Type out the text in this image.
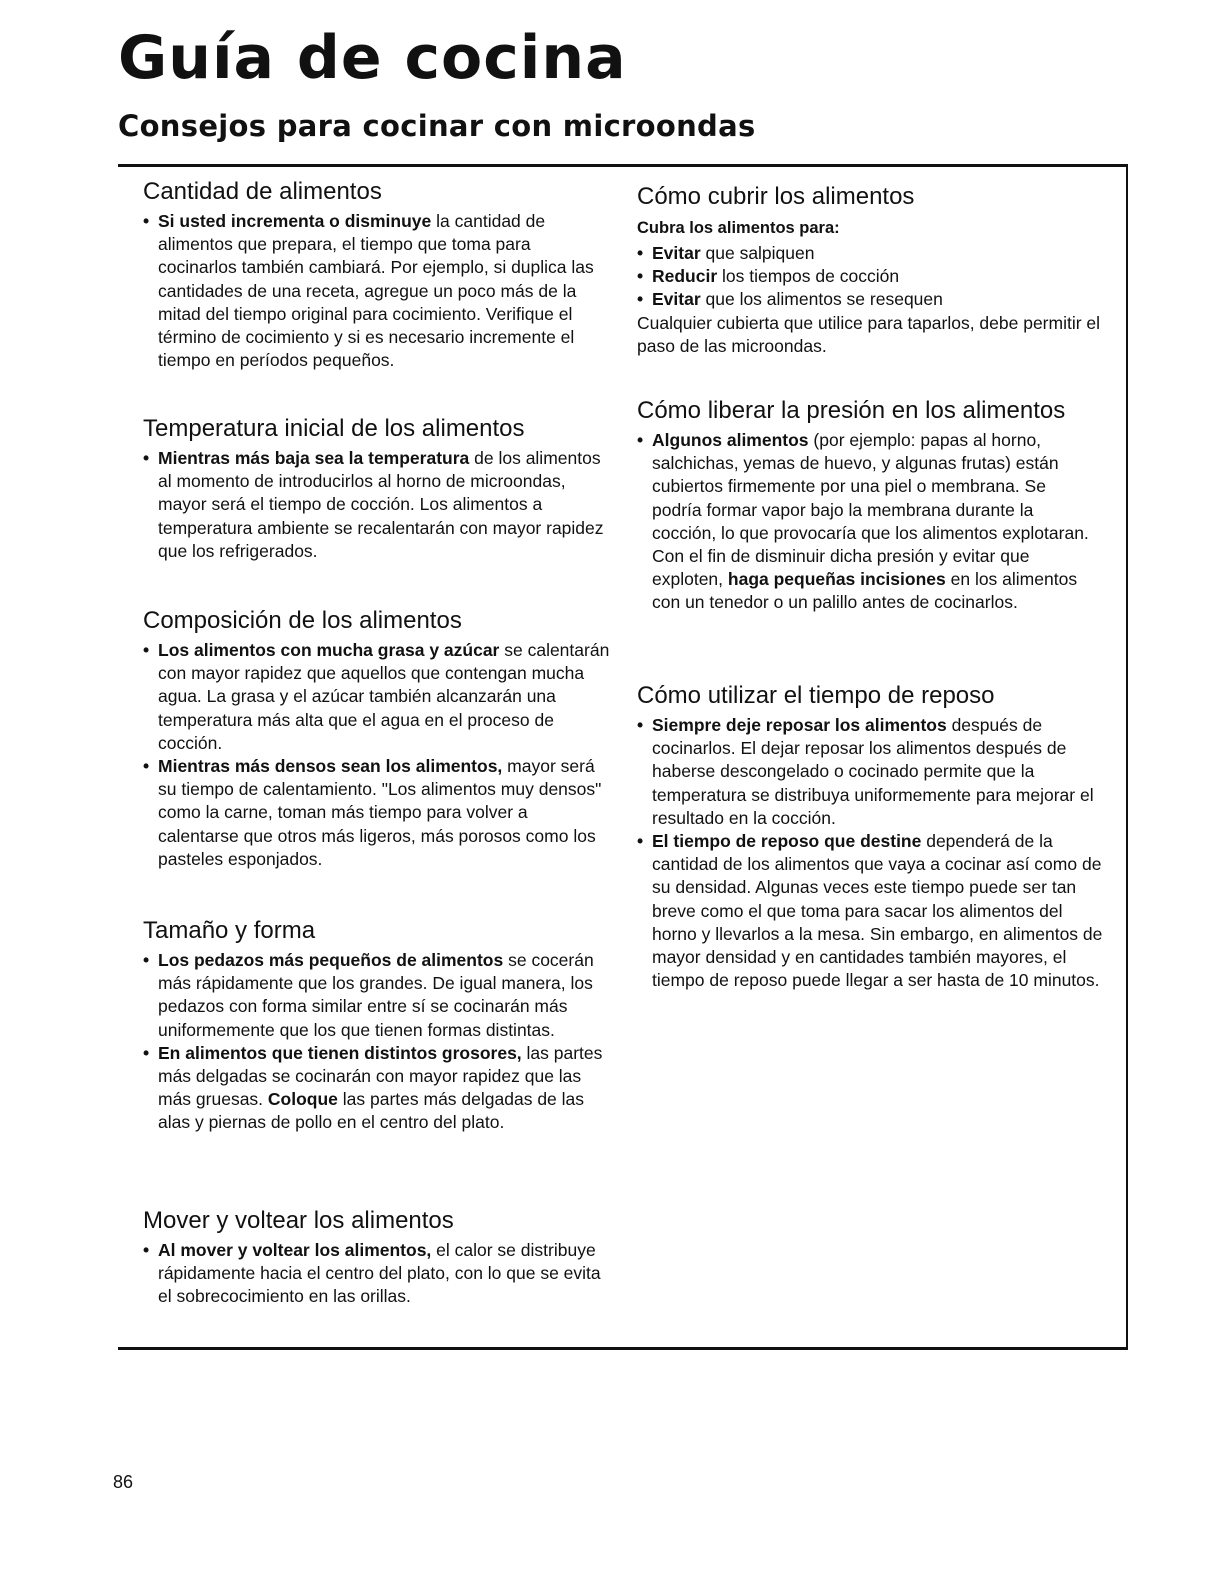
Guía de cocina
Consejos para cocinar con microondas
Cantidad de alimentos
• Si usted incrementa o disminuye la cantidad de alimentos que prepara, el tiempo que toma para cocinarlos también cambiará. Por ejemplo, si duplica las cantidades de una receta, agregue un poco más de la mitad del tiempo original para cocimiento. Verifique el término de cocimiento y si es necesario incremente el tiempo en períodos pequeños.
Temperatura inicial de los alimentos
• Mientras más baja sea la temperatura de los alimentos al momento de introducirlos al horno de microondas, mayor será el tiempo de cocción. Los alimentos a temperatura ambiente se recalentarán con mayor rapidez que los refrigerados.
Composición de los alimentos
• Los alimentos con mucha grasa y azúcar se calentarán con mayor rapidez que aquellos que contengan mucha agua. La grasa y el azúcar también alcanzarán una temperatura más alta que el agua en el proceso de cocción.
• Mientras más densos sean los alimentos, mayor será su tiempo de calentamiento. "Los alimentos muy densos" como la carne, toman más tiempo para volver a calentarse que otros más ligeros, más porosos como los pasteles esponjados.
Tamaño y forma
• Los pedazos más pequeños de alimentos se cocerán más rápidamente que los grandes. De igual manera, los pedazos con forma similar entre sí se cocinarán más uniformemente que los que tienen formas distintas.
• En alimentos que tienen distintos grosores, las partes más delgadas se cocinarán con mayor rapidez que las más gruesas. Coloque las partes más delgadas de las alas y piernas de pollo en el centro del plato.
Mover y voltear los alimentos
• Al mover y voltear los alimentos, el calor se distribuye rápidamente hacia el centro del plato, con lo que se evita el sobrecocimiento en las orillas.
Cómo cubrir los alimentos

Cubra los alimentos para:

• Evitar que salpiquen
• Reducir los tiempos de cocción
• Evitar que los alimentos se resequen

Cualquier cubierta que utilice para taparlos, debe permitir el paso de las microondas.

Cómo liberar la presión en los alimentos
• Algunos alimentos (por ejemplo: papas al horno, salchichas, yemas de huevo, y algunas frutas) están cubiertos firmemente por una piel o membrana. Se podría formar vapor bajo la membrana durante la cocción, lo que provocaría que los alimentos explotaran. Con el fin de disminuir dicha presión y evitar que exploten, haga pequeñas incisiones en los alimentos con un tenedor o un palillo antes de cocinarlos.
Cómo utilizar el tiempo de reposo
• Siempre deje reposar los alimentos después de cocinarlos. El dejar reposar los alimentos después de haberse descongelado o cocinado permite que la temperatura se distribuya uniformemente para mejorar el resultado en la cocción.
• El tiempo de reposo que destine dependerá de la cantidad de los alimentos que vaya a cocinar así como de su densidad. Algunas veces este tiempo puede ser tan breve como el que toma para sacar los alimentos del horno y llevarlos a la mesa. Sin embargo, en alimentos de mayor densidad y en cantidades también mayores, el tiempo de reposo puede llegar a ser hasta de 10 minutos.
86
